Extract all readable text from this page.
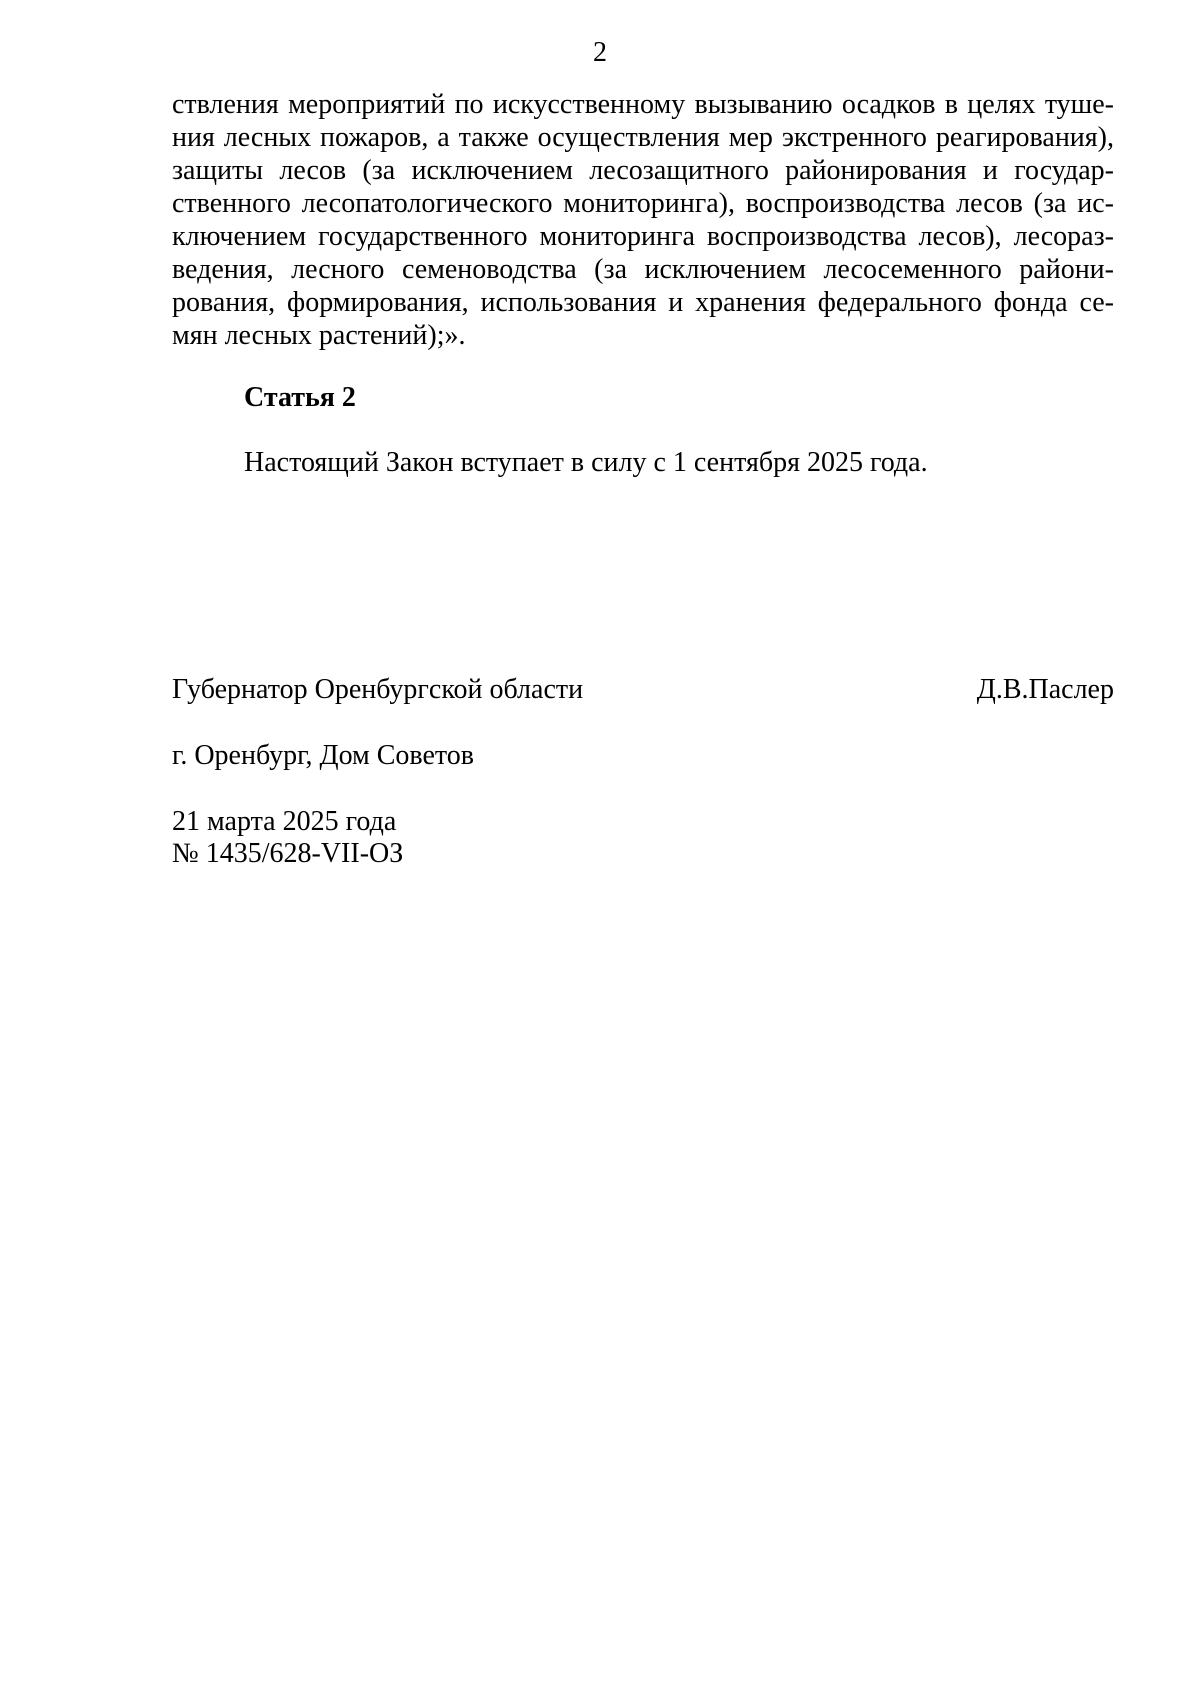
2
ствления мероприятий по искусственному вызыванию осадков в целях туше-
ния лесных пожаров, а также осуществления мер экстренного реагирования),
защиты лесов (за исключением лесозащитного районирования и государ-
ственного лесопатологического мониторинга), воспроизводства лесов (за ис-
ключением государственного мониторинга воспроизводства лесов), лесораз-
ведения, лесного семеноводства (за исключением лесосеменного райони-
рования, формирования, использования и хранения федерального фонда се-
мян лесных растений);».
Статья 2
Настоящий Закон вступает в силу с 1 сентября 2025 года.
Губернатор Оренбургской области	Д.В.Паслер
г. Оренбург, Дом Советов
21 марта 2025 года
№ 1435/628-VII-ОЗ
